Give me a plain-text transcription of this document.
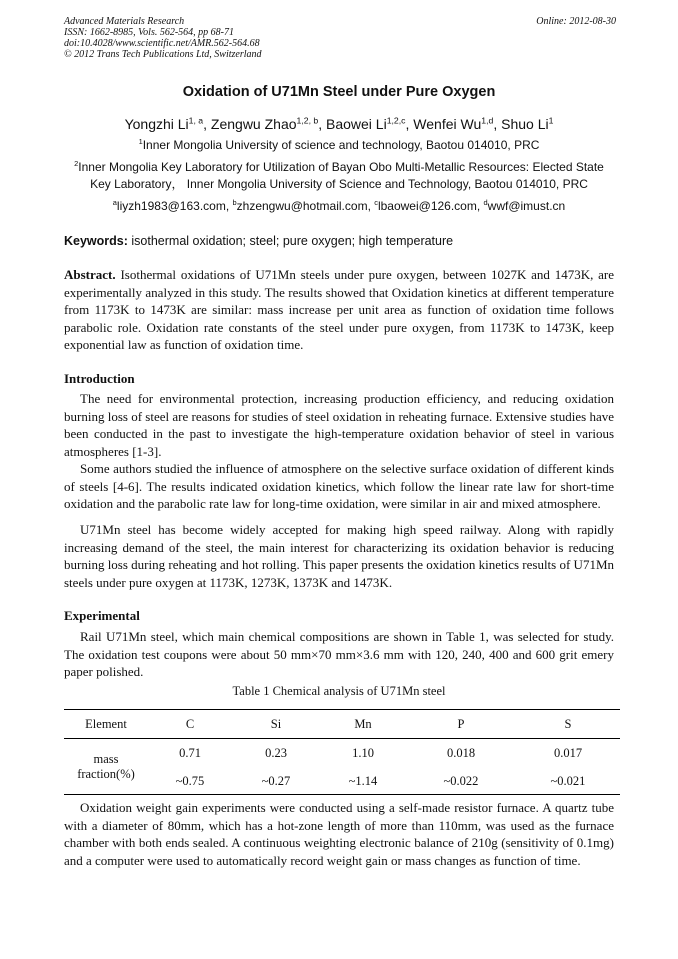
Advanced Materials Research
ISSN: 1662-8985, Vols. 562-564, pp 68-71
doi:10.4028/www.scientific.net/AMR.562-564.68
© 2012 Trans Tech Publications Ltd, Switzerland
Online: 2012-08-30
Oxidation of U71Mn Steel under Pure Oxygen
Yongzhi Li$^{1, a}$, Zengwu Zhao$^{1,2, b}$, Baowei Li$^{1,2,c}$, Wenfei Wu$^{1,d}$, Shuo Li$^1$
$^1$Inner Mongolia University of science and technology, Baotou 014010, PRC
$^2$Inner Mongolia Key Laboratory for Utilization of Bayan Obo Multi-Metallic Resources: Elected State Key Laboratory， Inner Mongolia University of Science and Technology, Baotou 014010, PRC
$^a$liyzh1983@163.com, $^b$zhzengwu@hotmail.com, $^c$lbaowei@126.com, $^d$wwf@imust.cn
Keywords: isothermal oxidation; steel; pure oxygen; high temperature
Abstract. Isothermal oxidations of U71Mn steels under pure oxygen, between 1027K and 1473K, are experimentally analyzed in this study. The results showed that Oxidation kinetics at different temperature from 1173K to 1473K are similar: mass increase per unit area as function of oxidation time follows parabolic role. Oxidation rate constants of the steel under pure oxygen, from 1173K to 1473K, keep exponential law as function of oxidation time.
Introduction
The need for environmental protection, increasing production efficiency, and reducing oxidation burning loss of steel are reasons for studies of steel oxidation in reheating furnace. Extensive studies have been conducted in the past to investigate the high-temperature oxidation behavior of steel in various atmospheres [1-3].
Some authors studied the influence of atmosphere on the selective surface oxidation of different kinds of steels [4-6]. The results indicated oxidation kinetics, which follow the linear rate law for short-time oxidation and the parabolic rate law for long-time oxidation, were similar in air and mixed atmosphere.
U71Mn steel has become widely accepted for making high speed railway. Along with rapidly increasing demand of the steel, the main interest for characterizing its oxidation behavior is reducing burning loss during reheating and hot rolling. This paper presents the oxidation kinetics results of U71Mn steels under pure oxygen at 1173K, 1273K, 1373K and 1473K.
Experimental
Rail U71Mn steel, which main chemical compositions are shown in Table 1, was selected for study. The oxidation test coupons were about 50 mm×70 mm×3.6 mm with 120, 240, 400 and 600 grit emery paper polished.
Table 1 Chemical analysis of U71Mn steel
Element	C	Si	Mn	P	S
mass fraction(%)	0.71	0.23	1.10	0.018	0.017
	~0.75	~0.27	~1.14	~0.022	~0.021
Oxidation weight gain experiments were conducted using a self-made resistor furnace. A quartz tube with a diameter of 80mm, which has a hot-zone length of more than 110mm, was used as the furnace chamber with both ends sealed. A continuous weighting electronic balance of 210g (sensitivity of 0.1mg) and a computer were used to automatically record weight gain or mass changes as function of time.
